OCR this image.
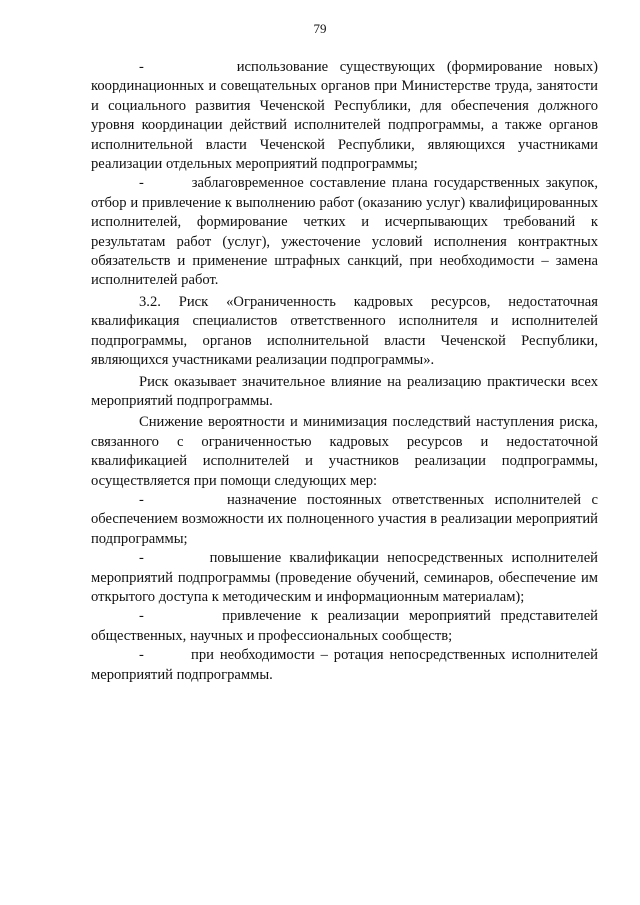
79

-        использование существующих (формирование новых) координационных и совещательных органов при Министерстве труда, занятости и социального развития Чеченской Республики, для обеспечения должного уровня координации действий исполнителей подпрограммы, а также органов исполнительной власти Чеченской Республики, являющихся участниками реализации отдельных мероприятий подпрограммы;

-        заблаговременное составление плана государственных закупок, отбор и привлечение к выполнению работ (оказанию услуг) квалифицированных исполнителей, формирование четких и исчерпывающих требований к результатам работ (услуг), ужесточение условий исполнения контрактных обязательств и применение штрафных санкций, при необходимости – замена исполнителей работ.

3.2. Риск «Ограниченность кадровых ресурсов, недостаточная квалификация специалистов ответственного исполнителя и исполнителей подпрограммы, органов исполнительной власти Чеченской Республики, являющихся участниками реализации подпрограммы».

Риск оказывает значительное влияние на реализацию практически всех мероприятий подпрограммы.

Снижение вероятности и минимизация последствий наступления риска, связанного с ограниченностью кадровых ресурсов и недостаточной квалификацией исполнителей и участников реализации подпрограммы, осуществляется при помощи следующих мер:

-        назначение постоянных ответственных исполнителей с обеспечением возможности их полноценного участия в реализации мероприятий подпрограммы;

-        повышение квалификации непосредственных исполнителей мероприятий подпрограммы (проведение обучений, семинаров, обеспечение им открытого доступа к методическим и информационным материалам);

-        привлечение к реализации мероприятий представителей общественных, научных и профессиональных сообществ;

-        при необходимости – ротация непосредственных исполнителей мероприятий подпрограммы.
